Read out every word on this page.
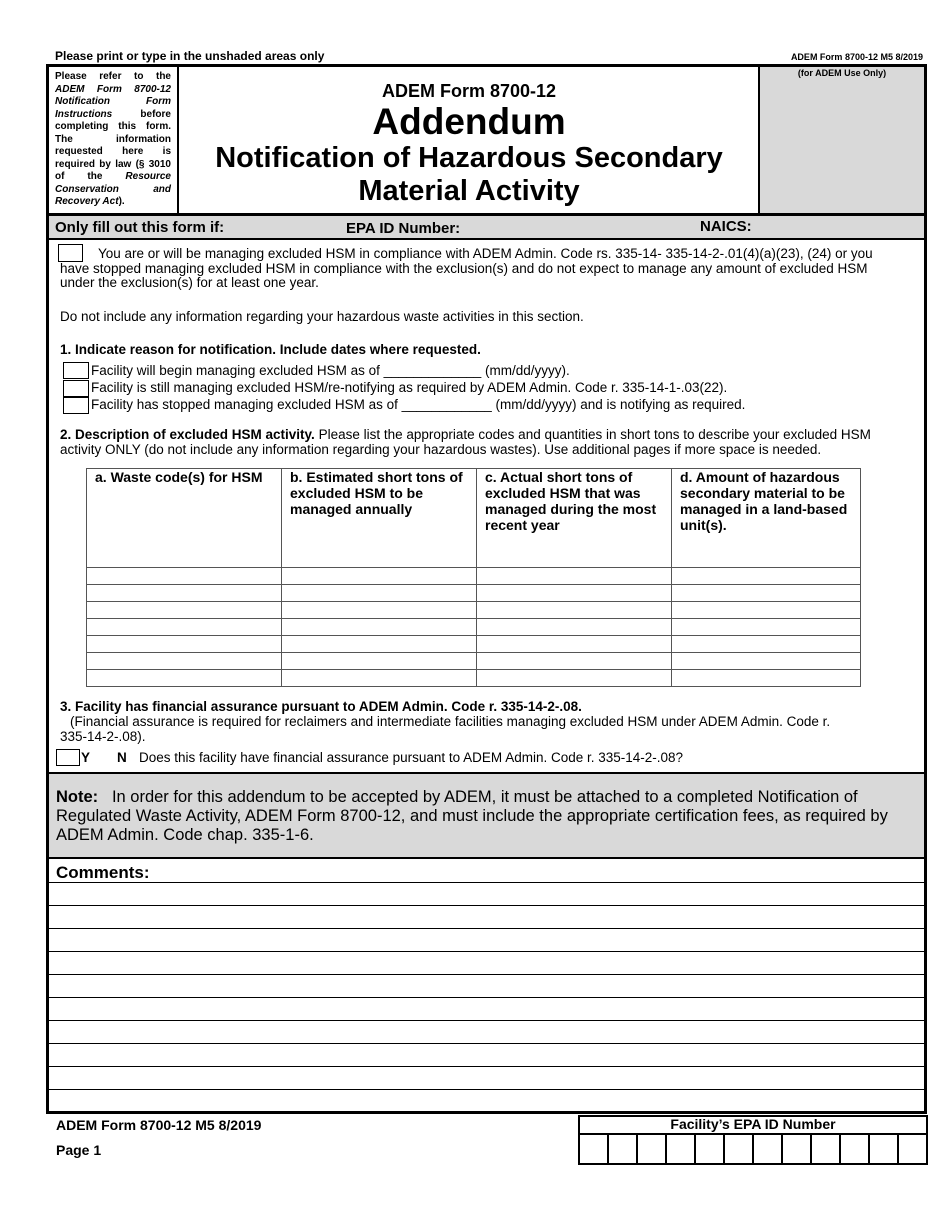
Please print or type in the unshaded areas only	ADEM Form 8700-12 M5 8/2019
Please refer to the ADEM Form 8700-12 Notification Form Instructions before completing this form. The information requested here is required by law (§ 3010 of the Resource Conservation and Recovery Act).
ADEM Form 8700-12
Addendum
Notification of Hazardous Secondary
Material Activity
(for ADEM Use Only)
Only fill out this form if:	EPA ID Number:	NAICS:
You are or will be managing excluded HSM in compliance with ADEM Admin. Code rs. 335-14- 335-14-2-.01(4)(a)(23), (24) or you have stopped managing excluded HSM in compliance with the exclusion(s) and do not expect to manage any amount of excluded HSM under the exclusion(s) for at least one year.
Do not include any information regarding your hazardous waste activities in this section.
1. Indicate reason for notification. Include dates where requested.
Facility will begin managing excluded HSM as of _____________ (mm/dd/yyyy).
Facility is still managing excluded HSM/re-notifying as required by ADEM Admin. Code r. 335-14-1-.03(22).
Facility has stopped managing excluded HSM as of ____________ (mm/dd/yyyy) and is notifying as required.
2. Description of excluded HSM activity. Please list the appropriate codes and quantities in short tons to describe your excluded HSM activity ONLY (do not include any information regarding your hazardous wastes). Use additional pages if more space is needed.
a. Waste code(s) for HSM	b. Estimated short tons of excluded HSM to be managed annually	c. Actual short tons of excluded HSM that was managed during the most recent year	d. Amount of hazardous secondary material to be managed in a land-based unit(s).

3. Facility has financial assurance pursuant to ADEM Admin. Code r. 335-14-2-.08.
(Financial assurance is required for reclaimers and intermediate facilities managing excluded HSM under ADEM Admin. Code r. 335-14-2-.08).
Y N Does this facility have financial assurance pursuant to ADEM Admin. Code r. 335-14-2-.08?
Note: In order for this addendum to be accepted by ADEM, it must be attached to a completed Notification of Regulated Waste Activity, ADEM Form 8700-12, and must include the appropriate certification fees, as required by ADEM Admin. Code chap. 335-1-6.
Comments:
ADEM Form 8700-12 M5 8/2019
Page 1
Facility’s EPA ID Number
